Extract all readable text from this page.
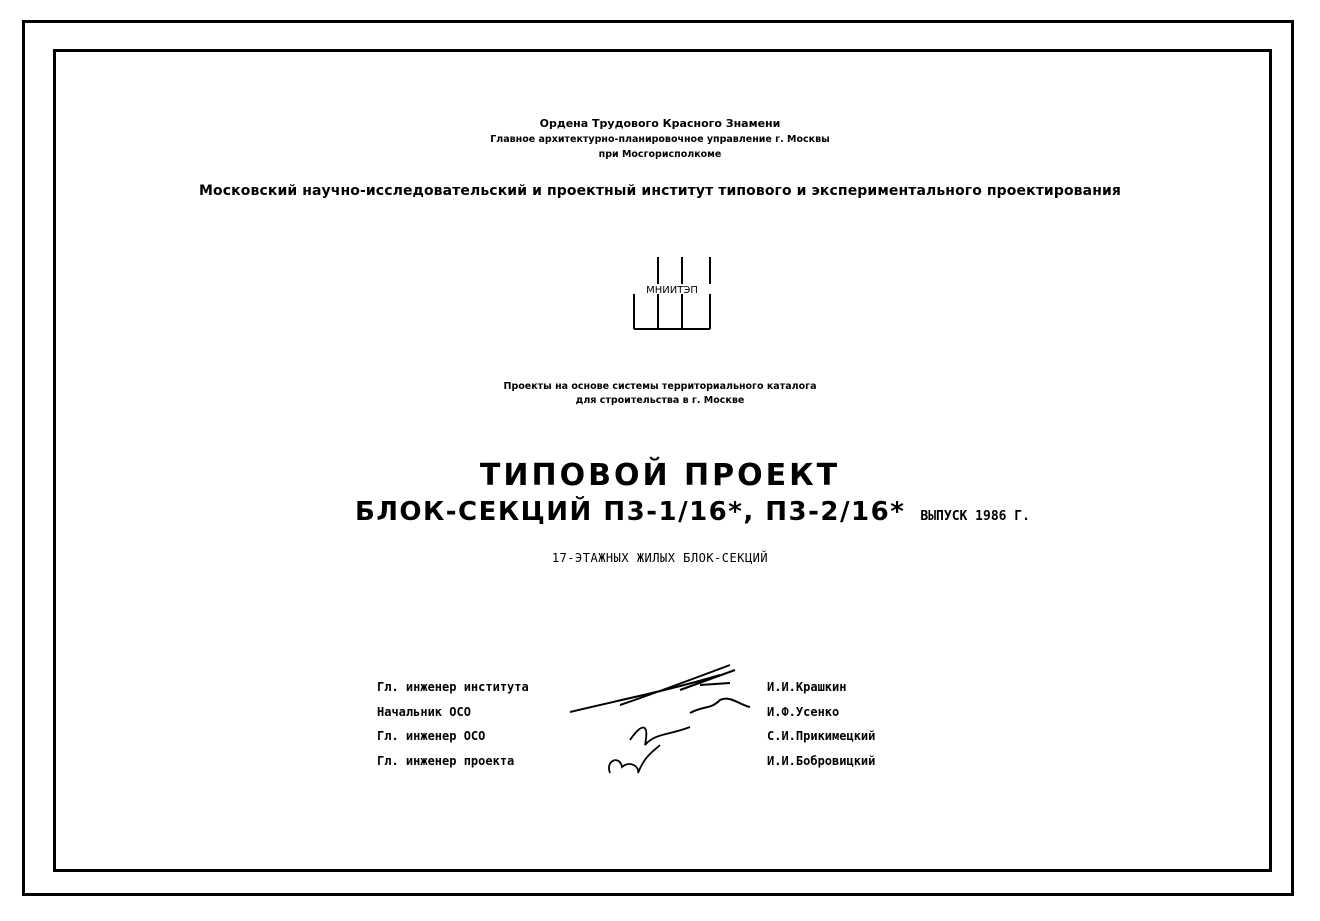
Ордена Трудового Красного Знамени
Главное архитектурно-планировочное управление г. Москвы
при Мосгорисполкоме
Московский научно-исследовательский и проектный институт типового и экспериментального проектирования
МНИИТЭП
Проекты на основе системы территориального каталога
для строительства в г. Москве
ТИПОВОЙ ПРОЕКТ
БЛОК-СЕКЦИЙ П3-1/16*, П3-2/16* ВЫПУСК 1986 Г.
17-ЭТАЖНЫХ ЖИЛЫХ БЛОК-СЕКЦИЙ
Гл. инженер института
Начальник ОСО
Гл. инженер ОСО
Гл. инженер проекта
И.И.Крашкин
И.Ф.Усенко
С.И.Прикимецкий
И.И.Бобровицкий
